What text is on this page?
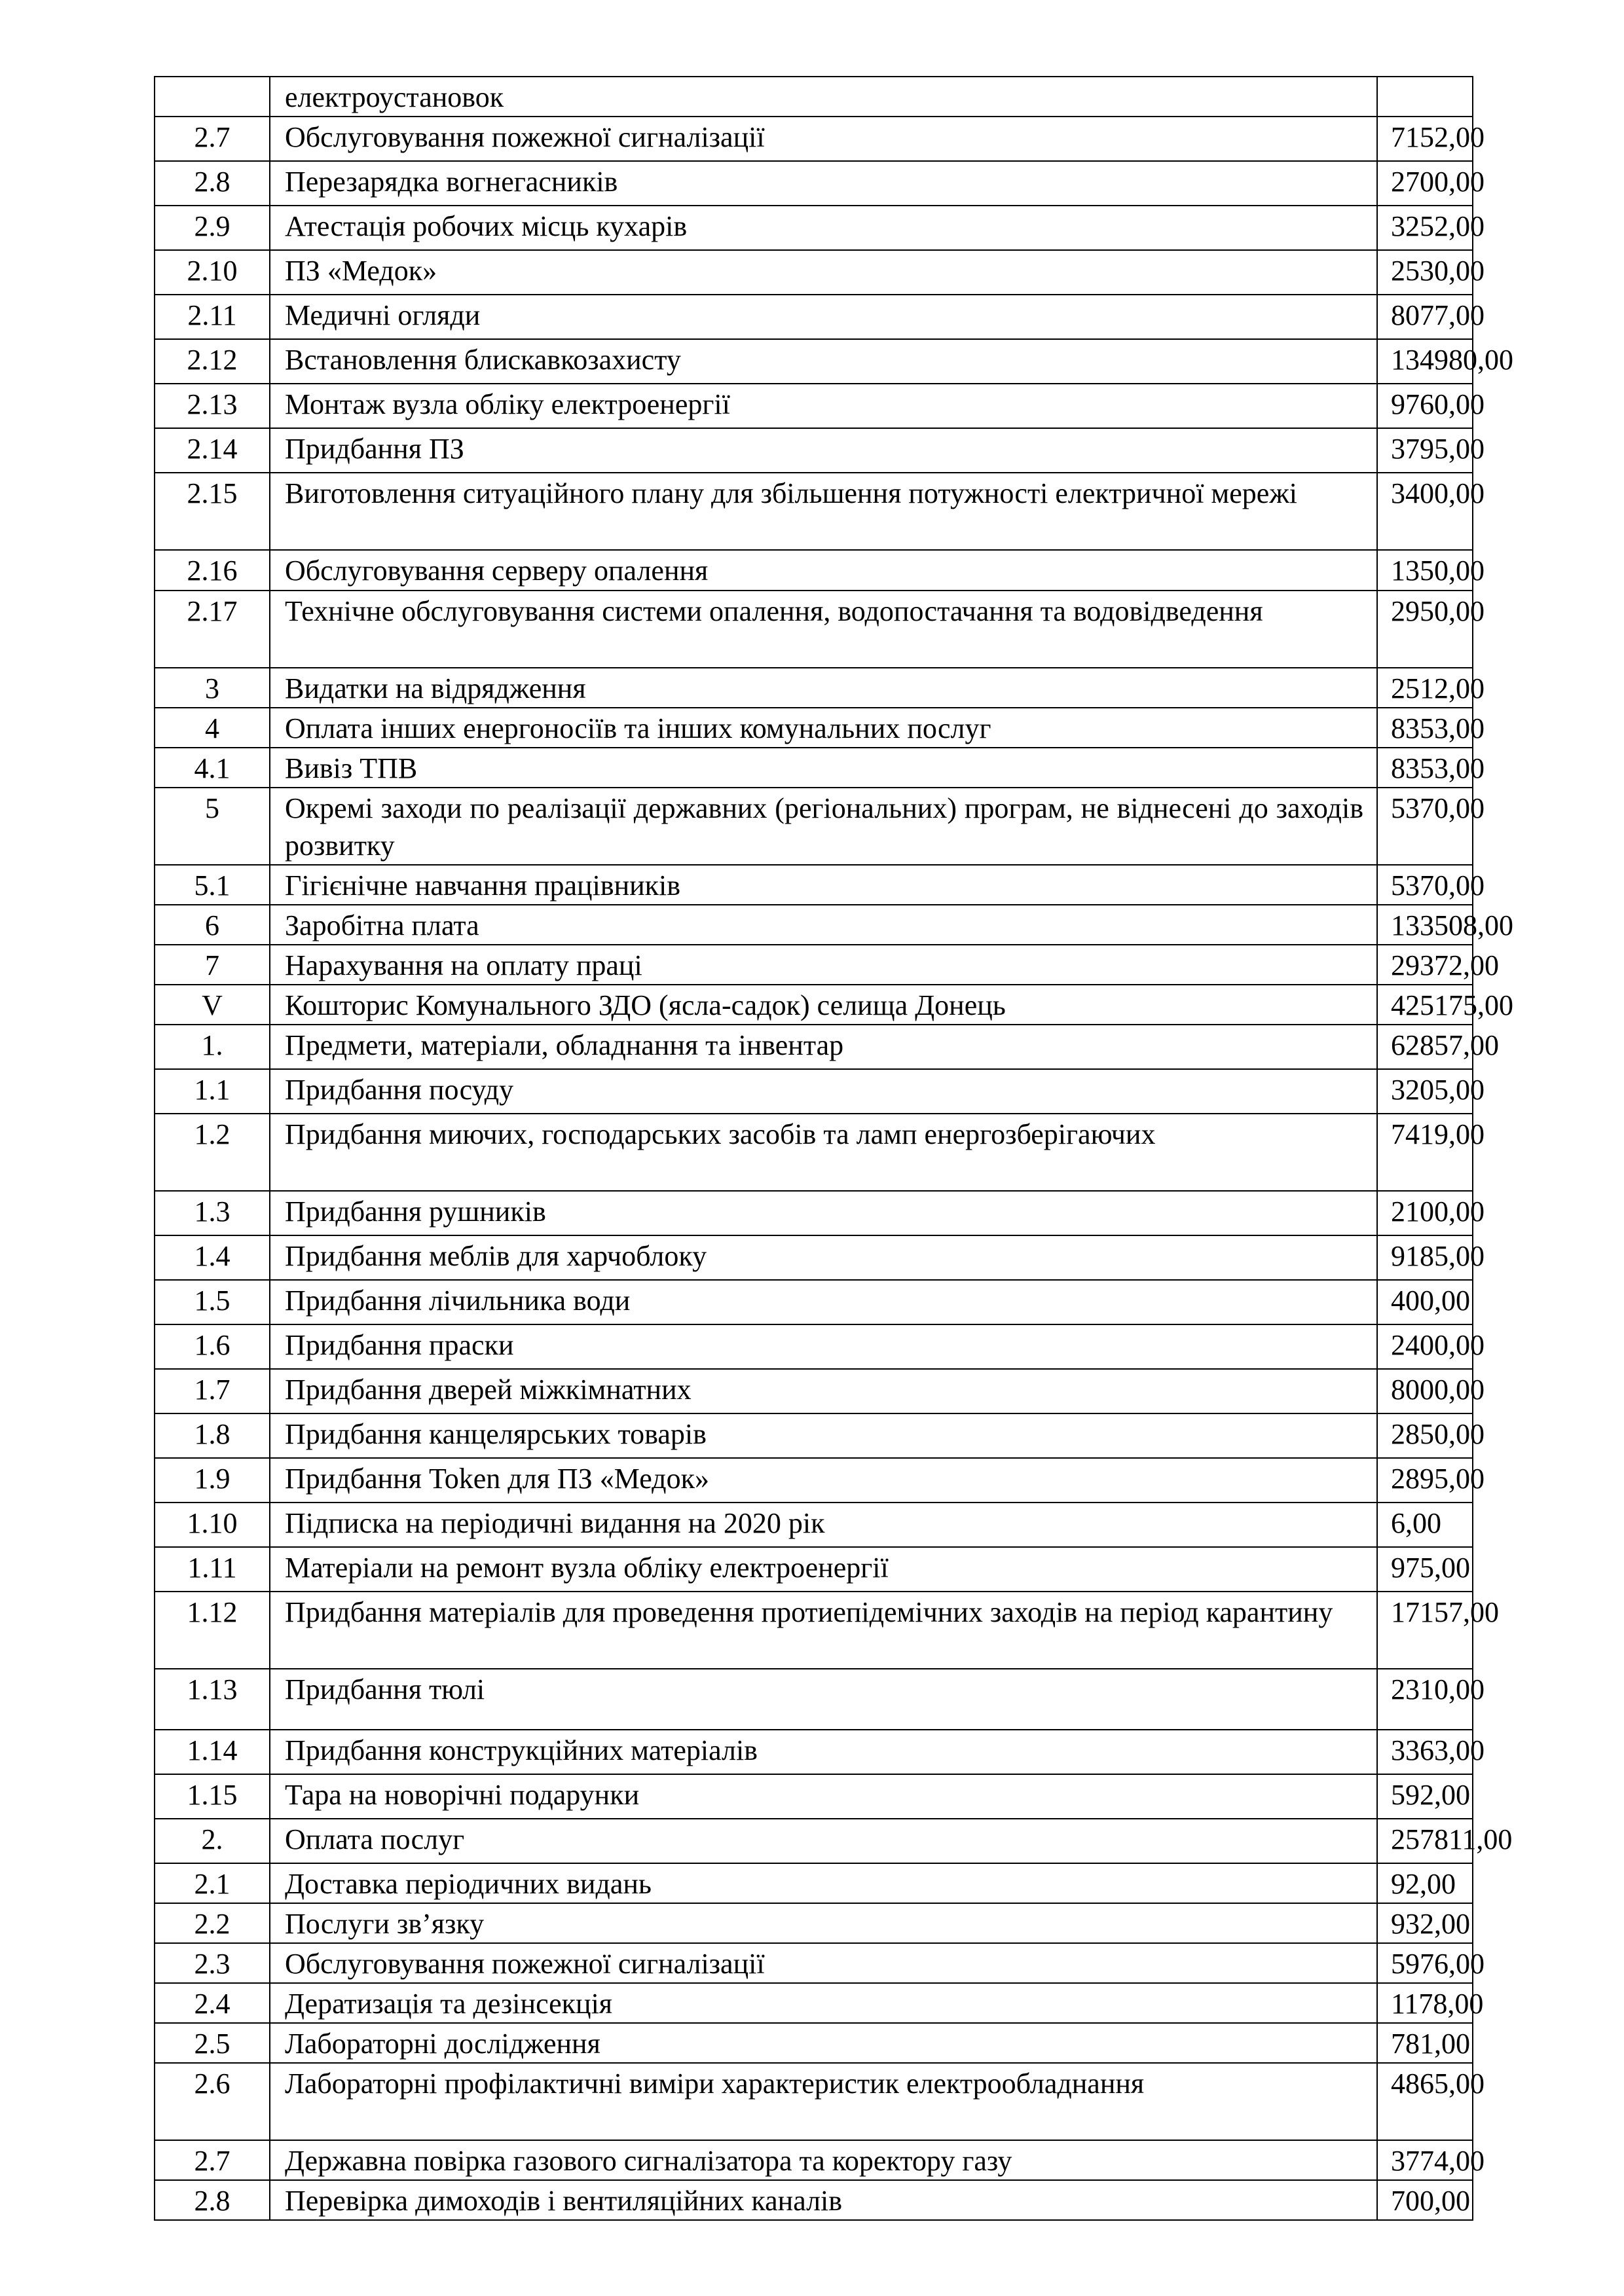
	електроустановок	
2.7	Обслуговування пожежної сигналізації	7152,00
2.8	Перезарядка вогнегасників	2700,00
2.9	Атестація робочих місць кухарів	3252,00
2.10	ПЗ «Медок»	2530,00
2.11	Медичні огляди	8077,00
2.12	Встановлення блискавкозахисту	134980,00
2.13	Монтаж вузла обліку електроенергії	9760,00
2.14	Придбання ПЗ	3795,00
2.15	Виготовлення ситуаційного плану для збільшення потужності електричної мережі	3400,00
2.16	Обслуговування серверу опалення	1350,00
2.17	Технічне обслуговування системи опалення, водопостачання та водовідведення	2950,00
3	Видатки на відрядження	2512,00
4	Оплата інших енергоносіїв та інших комунальних послуг	8353,00
4.1	Вивіз ТПВ	8353,00
5	Окремі заходи по реалізації державних (регіональних) програм, не віднесені до заходів розвитку	5370,00
5.1	Гігієнічне навчання працівників	5370,00
6	Заробітна плата	133508,00
7	Нарахування на оплату праці	29372,00
V	Кошторис Комунального ЗДО (ясла-садок) селища Донець	425175,00
1.	Предмети, матеріали, обладнання та інвентар	62857,00
1.1	Придбання посуду	3205,00
1.2	Придбання миючих, господарських засобів та ламп енергозберігаючих	7419,00
1.3	Придбання рушників	2100,00
1.4	Придбання меблів для харчоблоку	9185,00
1.5	Придбання лічильника води	400,00
1.6	Придбання праски	2400,00
1.7	Придбання дверей міжкімнатних	8000,00
1.8	Придбання канцелярських товарів	2850,00
1.9	Придбання Token для ПЗ «Медок»	2895,00
1.10	Підписка на періодичні видання на 2020 рік	6,00
1.11	Матеріали на ремонт вузла обліку електроенергії	975,00
1.12	Придбання матеріалів для проведення протиепідемічних заходів на період карантину	17157,00
1.13	Придбання тюлі	2310,00
1.14	Придбання конструкційних матеріалів	3363,00
1.15	Тара на новорічні подарунки	592,00
2.	Оплата послуг	257811,00
2.1	Доставка періодичних видань	92,00
2.2	Послуги зв’язку	932,00
2.3	Обслуговування пожежної сигналізації	5976,00
2.4	Дератизація та дезінсекція	1178,00
2.5	Лабораторні дослідження	781,00
2.6	Лабораторні профілактичні виміри характеристик електрообладнання	4865,00
2.7	Державна повірка газового сигналізатора та коректору газу	3774,00
2.8	Перевірка димоходів і вентиляційних каналів	700,00
